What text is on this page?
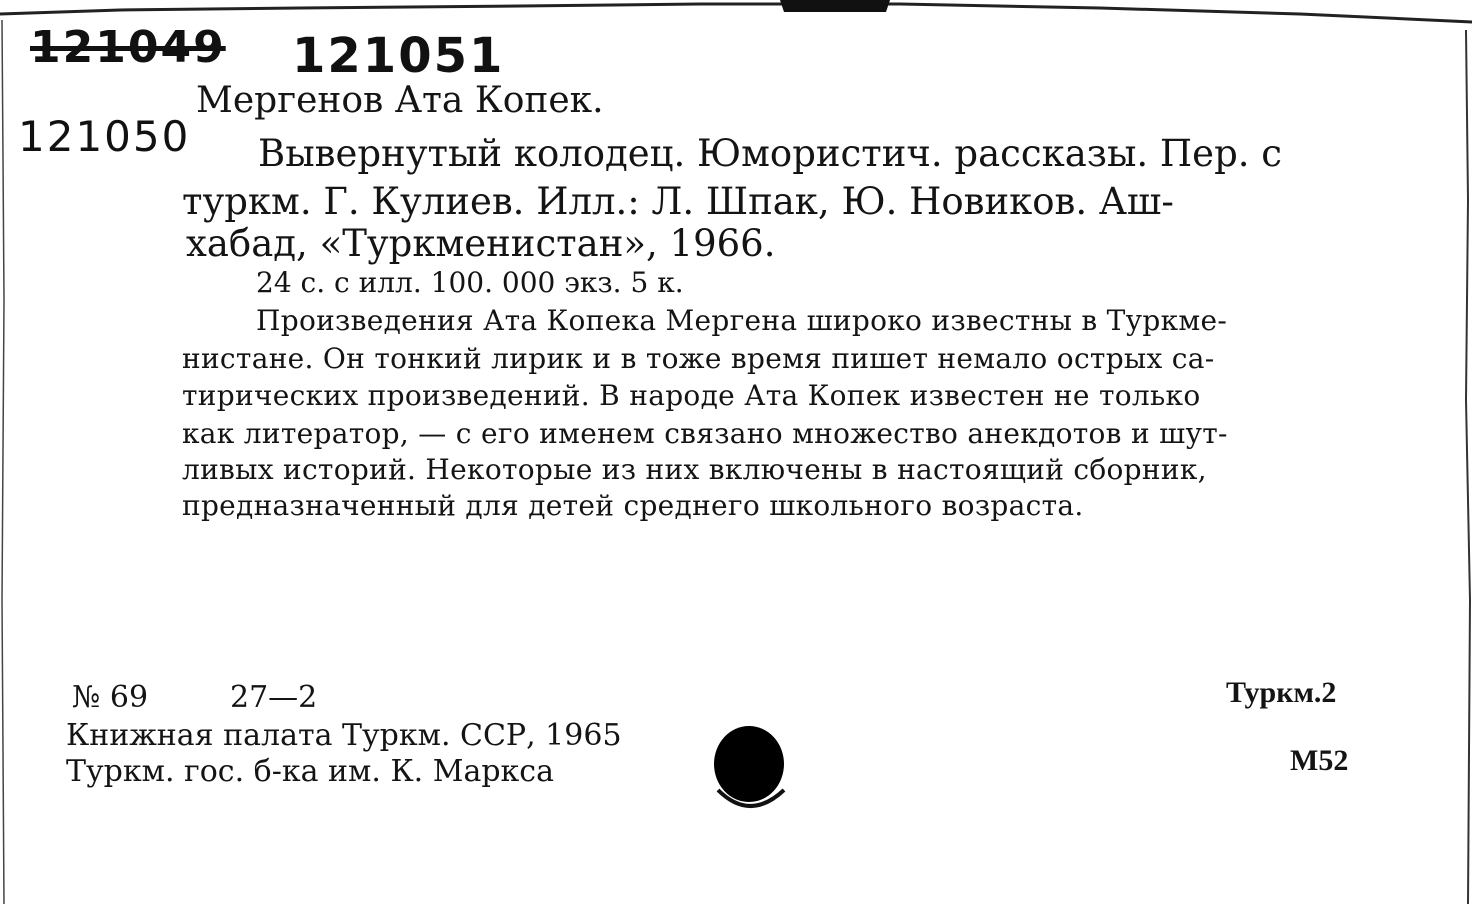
121049 121051
121050
Мергенов Ата Копек.
Вывернутый колодец. Юмористич. рассказы. Пер. с
туркм. Г. Кулиев. Илл.: Л. Шпак, Ю. Новиков. Аш-
хабад, «Туркменистан», 1966.
24 с. с илл. 100. 000 экз. 5 к.
Произведения Ата Копека Мергена широко известны в Туркме-
нистане. Он тонкий лирик и в тоже время пишет немало острых са-
тирических произведений. В народе Ата Копек известен не только
как литератор, — с его именем связано множество анекдотов и шут-
ливых историй. Некоторые из них включены в настоящий сборник,
предназначенный для детей среднего школьного возраста.
№ 69	27—2
Книжная палата Туркм. ССР, 1965
Туркм. гос. б-ка им. К. Маркса
Туркм.2
М52
